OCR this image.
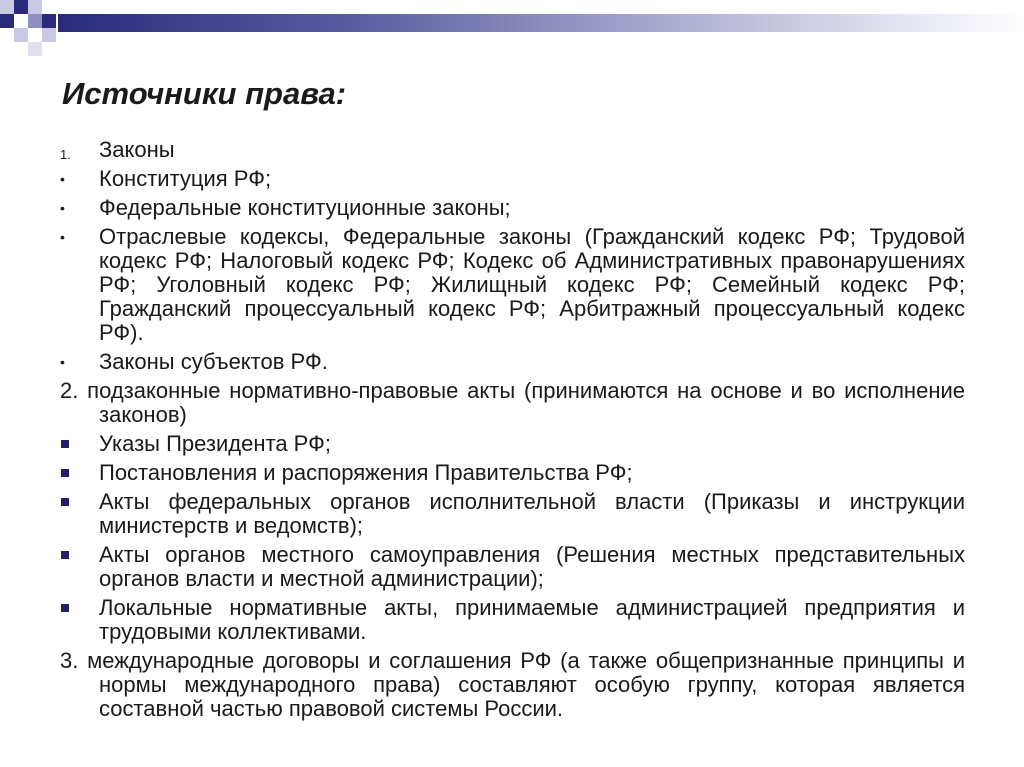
Источники права:
1.	Законы
•	Конституция РФ;
•	Федеральные конституционные законы;
•	Отраслевые кодексы, Федеральные законы (Гражданский кодекс РФ; Трудовой кодекс РФ; Налоговый кодекс РФ; Кодекс об Административных правонарушениях РФ; Уголовный кодекс РФ; Жилищный кодекс РФ; Семейный кодекс РФ; Гражданский процессуальный кодекс РФ; Арбитражный процессуальный кодекс РФ).
•	Законы субъектов РФ.
2. подзаконные нормативно-правовые акты (принимаются на основе и во исполнение законов)
Указы Президента РФ;
Постановления и распоряжения Правительства РФ;
Акты федеральных органов исполнительной власти (Приказы и инструкции министерств и ведомств);
Акты органов местного самоуправления (Решения местных представительных органов власти и местной администрации);
Локальные нормативные акты, принимаемые администрацией предприятия и трудовыми коллективами.
3. международные договоры и соглашения РФ (а также общепризнанные принципы и нормы международного права) составляют особую группу, которая является составной частью правовой системы России.
